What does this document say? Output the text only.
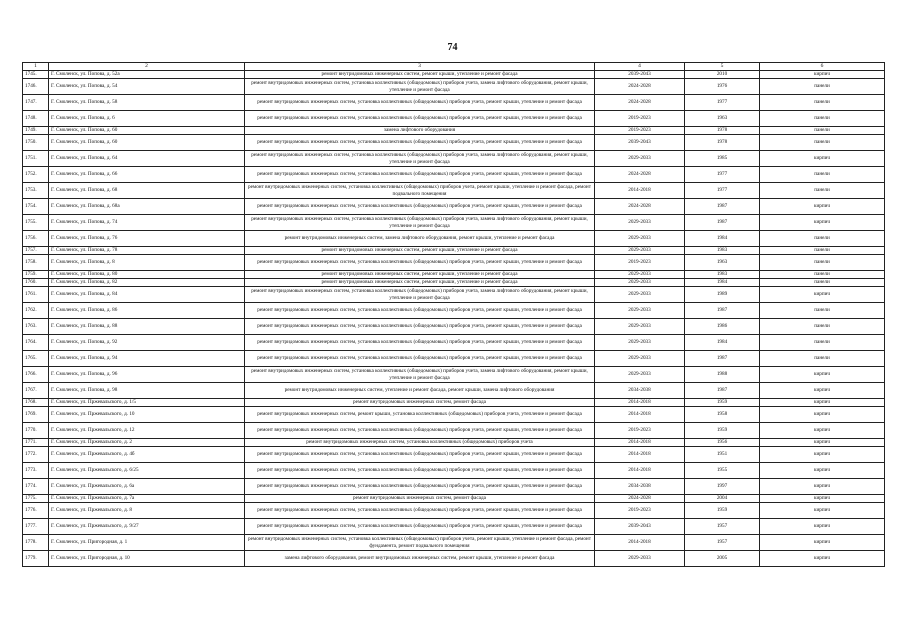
74
1	2	3	4	5	6
1745.	Г. Смоленск, ул. Попова, д. 52а	ремонт внутридомовых инженерных систем, ремонт крыши, утепление и ремонт фасада	2039-2043	2010	кирпич
1746.	Г. Смоленск, ул. Попова, д. 54	ремонт внутридомовых инженерных систем, установка коллективных (общедомовых) приборов учета, замена лифтового оборудования, ремонт крыши, утепление и ремонт фасада	2024-2028	1976	панели
1747.	Г. Смоленск, ул. Попова, д. 58	ремонт внутридомовых инженерных систем, установка коллективных (общедомовых) приборов учета, ремонт крыши, утепление и ремонт фасада	2024-2028	1977	панели
1748.	Г. Смоленск, ул. Попова, д. 6	ремонт внутридомовых инженерных систем, установка коллективных (общедомовых) приборов учета, ремонт крыши, утепление и ремонт фасада	2019-2023	1963	панели
1749.	Г. Смоленск, ул. Попова, д. 60	замена лифтового оборудования	2019-2023	1978	панели
1750.	Г. Смоленск, ул. Попова, д. 60	ремонт внутридомовых инженерных систем, установка коллективных (общедомовых) приборов учета, ремонт крыши, утепление и ремонт фасада	2039-2043	1978	панели
1751.	Г. Смоленск, ул. Попова, д. 64	ремонт внутридомовых инженерных систем, установка коллективных (общедомовых) приборов учета, замена лифтового оборудования, ремонт крыши, утепление и ремонт фасада	2029-2033	1985	кирпич
1752.	Г. Смоленск, ул. Попова, д. 66	ремонт внутридомовых инженерных систем, установка коллективных (общедомовых) приборов учета, ремонт крыши, утепление и ремонт фасада	2024-2028	1977	панели
1753.	Г. Смоленск, ул. Попова, д. 68	ремонт внутридомовых инженерных систем, установка коллективных (общедомовых) приборов учета, ремонт крыши, утепление и ремонт фасада, ремонт подвального помещения	2014-2018	1977	панели
1754.	Г. Смоленск, ул. Попова, д. 68а	ремонт внутридомовых инженерных систем, установка коллективных (общедомовых) приборов учета, ремонт крыши, утепление и ремонт фасада	2024-2028	1987	кирпич
1755.	Г. Смоленск, ул. Попова, д. 74	ремонт внутридомовых инженерных систем, установка коллективных (общедомовых) приборов учета, замена лифтового оборудования, ремонт крыши, утепление и ремонт фасада	2029-2033	1987	кирпич
1756.	Г. Смоленск, ул. Попова, д. 76	ремонт внутридомовых инженерных систем, замена лифтового оборудования, ремонт крыши, утепление и ремонт фасада	2029-2033	1984	панели
1757.	Г. Смоленск, ул. Попова, д. 78	ремонт внутридомовых инженерных систем, ремонт крыши, утепление и ремонт фасада	2029-2033	1983	панели
1758.	Г. Смоленск, ул. Попова, д. 8	ремонт внутридомовых инженерных систем, установка коллективных (общедомовых) приборов учета, ремонт крыши, утепление и ремонт фасада	2019-2023	1963	панели
1759.	Г. Смоленск, ул. Попова, д. 80	ремонт внутридомовых инженерных систем, ремонт крыши, утепление и ремонт фасада	2029-2033	1983	панели
1760.	Г. Смоленск, ул. Попова, д. 82	ремонт внутридомовых инженерных систем, ремонт крыши, утепление и ремонт фасада	2029-2033	1984	панели
1761.	Г. Смоленск, ул. Попова, д. 84	ремонт внутридомовых инженерных систем, установка коллективных (общедомовых) приборов учета, замена лифтового оборудования, ремонт крыши, утепление и ремонт фасада	2029-2033	1989	кирпич
1762.	Г. Смоленск, ул. Попова, д. 86	ремонт внутридомовых инженерных систем, установка коллективных (общедомовых) приборов учета, ремонт крыши, утепление и ремонт фасада	2029-2033	1987	панели
1763.	Г. Смоленск, ул. Попова, д. 88	ремонт внутридомовых инженерных систем, установка коллективных (общедомовых) приборов учета, ремонт крыши, утепление и ремонт фасада	2029-2033	1986	панели
1764.	Г. Смоленск, ул. Попова, д. 92	ремонт внутридомовых инженерных систем, установка коллективных (общедомовых) приборов учета, ремонт крыши, утепление и ремонт фасада	2029-2033	1984	панели
1765.	Г. Смоленск, ул. Попова, д. 94	ремонт внутридомовых инженерных систем, установка коллективных (общедомовых) приборов учета, ремонт крыши, утепление и ремонт фасада	2029-2033	1987	панели
1766.	Г. Смоленск, ул. Попова, д. 96	ремонт внутридомовых инженерных систем, установка коллективных (общедомовых) приборов учета, замена лифтового оборудования, ремонт крыши, утепление и ремонт фасада	2029-2033	1988	кирпич
1767.	Г. Смоленск, ул. Попова, д. 98	ремонт внутридомовых инженерных систем, утепление и ремонт фасада, ремонт крыши, замена лифтового оборудования	2034-2038	1987	кирпич
1768.	Г. Смоленск, ул. Пржевальского, д. 1/5	ремонт внутридомовых инженерных систем, ремонт фасада	2014-2018	1959	кирпич
1769.	Г. Смоленск, ул. Пржевальского, д. 10	ремонт внутридомовых инженерных систем, ремонт крыши, установка коллективных (общедомовых) приборов учета, утепление и ремонт фасада	2014-2018	1958	кирпич
1770.	Г. Смоленск, ул. Пржевальского, д. 12	ремонт внутридомовых инженерных систем, установка коллективных (общедомовых) приборов учета, ремонт крыши, утепление и ремонт фасада	2019-2023	1959	кирпич
1771.	Г. Смоленск, ул. Пржевальского, д. 2	ремонт внутридомовых инженерных систем, установка коллективных (общедомовых) приборов учета	2014-2018	1956	кирпич
1772.	Г. Смоленск, ул. Пржевальского, д. 4б	ремонт внутридомовых инженерных систем, установка коллективных (общедомовых) приборов учета, ремонт крыши, утепление и ремонт фасада	2014-2018	1951	кирпич
1773.	Г. Смоленск, ул. Пржевальского, д. 6/25	ремонт внутридомовых инженерных систем, установка коллективных (общедомовых) приборов учета, ремонт крыши, утепление и ремонт фасада	2014-2018	1955	кирпич
1774.	Г. Смоленск, ул. Пржевальского, д. 6а	ремонт внутридомовых инженерных систем, установка коллективных (общедомовых) приборов учета, ремонт крыши, утепление и ремонт фасада	2034-2038	1997	кирпич
1775.	Г. Смоленск, ул. Пржевальского, д. 7а	ремонт внутридомовых инженерных систем, ремонт фасада	2024-2028	2004	кирпич
1776.	Г. Смоленск, ул. Пржевальского, д. 8	ремонт внутридомовых инженерных систем, установка коллективных (общедомовых) приборов учета, ремонт крыши, утепление и ремонт фасада	2019-2023	1959	кирпич
1777.	Г. Смоленск, ул. Пржевальского, д. 9/27	ремонт внутридомовых инженерных систем, установка коллективных (общедомовых) приборов учета, ремонт крыши, утепление и ремонт фасада	2039-2043	1957	кирпич
1778.	Г. Смоленск, ул. Пригородная, д. 1	ремонт внутридомовых инженерных систем, установка коллективных (общедомовых) приборов учета, ремонт крыши, утепление и ремонт фасада, ремонт фундамента, ремонт подвального помещения	2014-2018	1957	кирпич
1779.	Г. Смоленск, ул. Пригородная, д. 10	замена лифтового оборудования, ремонт внутридомовых инженерных систем, ремонт крыши, утепление и ремонт фасада	2029-2033	2005	кирпич
